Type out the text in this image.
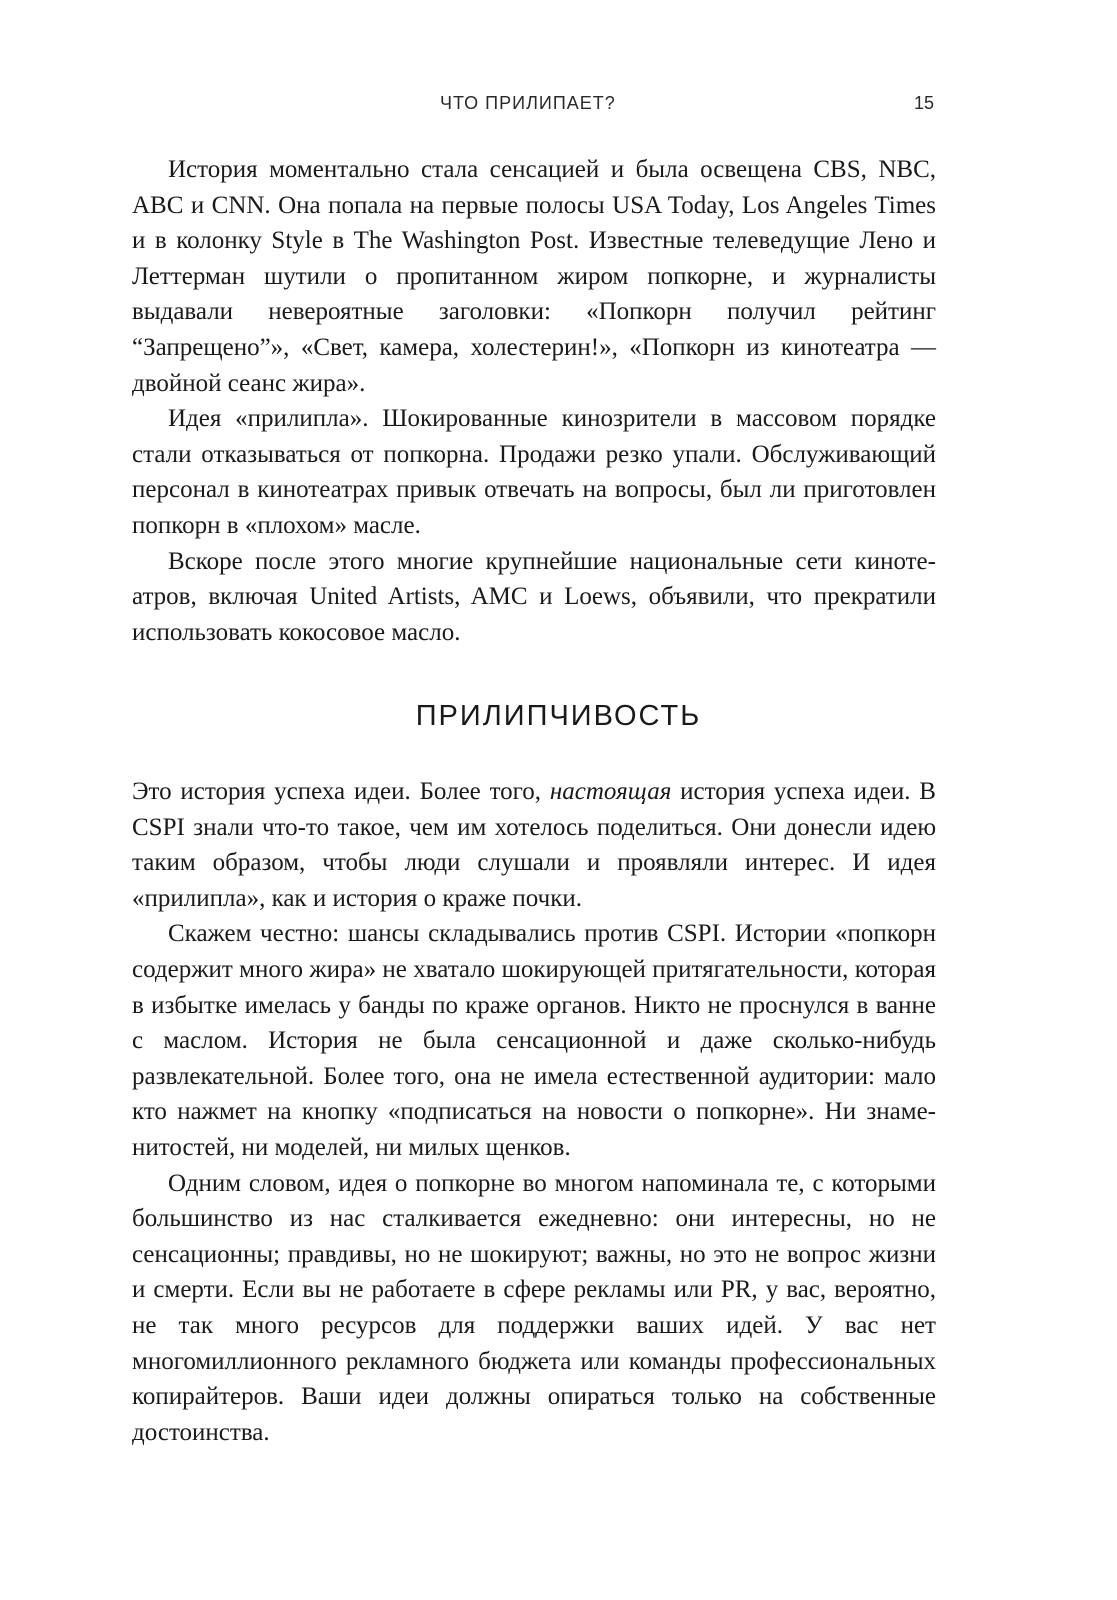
ЧТО ПРИЛИПАЕТ?	15

История моментально стала сенсацией и была освещена CBS, NBC, ABC и CNN. Она попала на первые полосы USA Today, Los Angeles Times и в колонку Style в The Washington Post. Известные телеведущие Лено и Леттерман шутили о пропитанном жиром попкорне, и журналисты выдавали невероятные заголовки: «Попкорн получил рейтинг “Запрещено”», «Свет, камера, холестерин!», «Попкорн из кинотеатра — двойной сеанс жира».

Идея «прилипла». Шокированные кинозрители в массовом порядке стали отказываться от попкорна. Продажи резко упали. Обслуживающий персонал в кинотеатрах привык отвечать на вопросы, был ли приготовлен попкорн в «плохом» масле.

Вскоре после этого многие крупнейшие национальные сети кинотеатров, включая United Artists, AMC и Loews, объявили, что прекратили использовать кокосовое масло.

ПРИЛИПЧИВОСТЬ

Это история успеха идеи. Более того, настоящая история успеха идеи. В CSPI знали что-то такое, чем им хотелось поделиться. Они донесли идею таким образом, чтобы люди слушали и проявляли интерес. И идея «прилипла», как и история о краже почки.

Скажем честно: шансы складывались против CSPI. Истории «попкорн содержит много жира» не хватало шокирующей притягательности, которая в избытке имелась у банды по краже органов. Никто не проснулся в ванне с маслом. История не была сенсационной и даже сколько-нибудь развлекательной. Более того, она не имела естественной аудитории: мало кто нажмет на кнопку «подписаться на новости о попкорне». Ни знаменитостей, ни моделей, ни милых щенков.

Одним словом, идея о попкорне во многом напоминала те, с которыми большинство из нас сталкивается ежедневно: они интересны, но не сенсационны; правдивы, но не шокируют; важны, но это не вопрос жизни и смерти. Если вы не работаете в сфере рекламы или PR, у вас, вероятно, не так много ресурсов для поддержки ваших идей. У вас нет многомиллионного рекламного бюджета или команды профессиональных копирайтеров. Ваши идеи должны опираться только на собственные достоинства.
